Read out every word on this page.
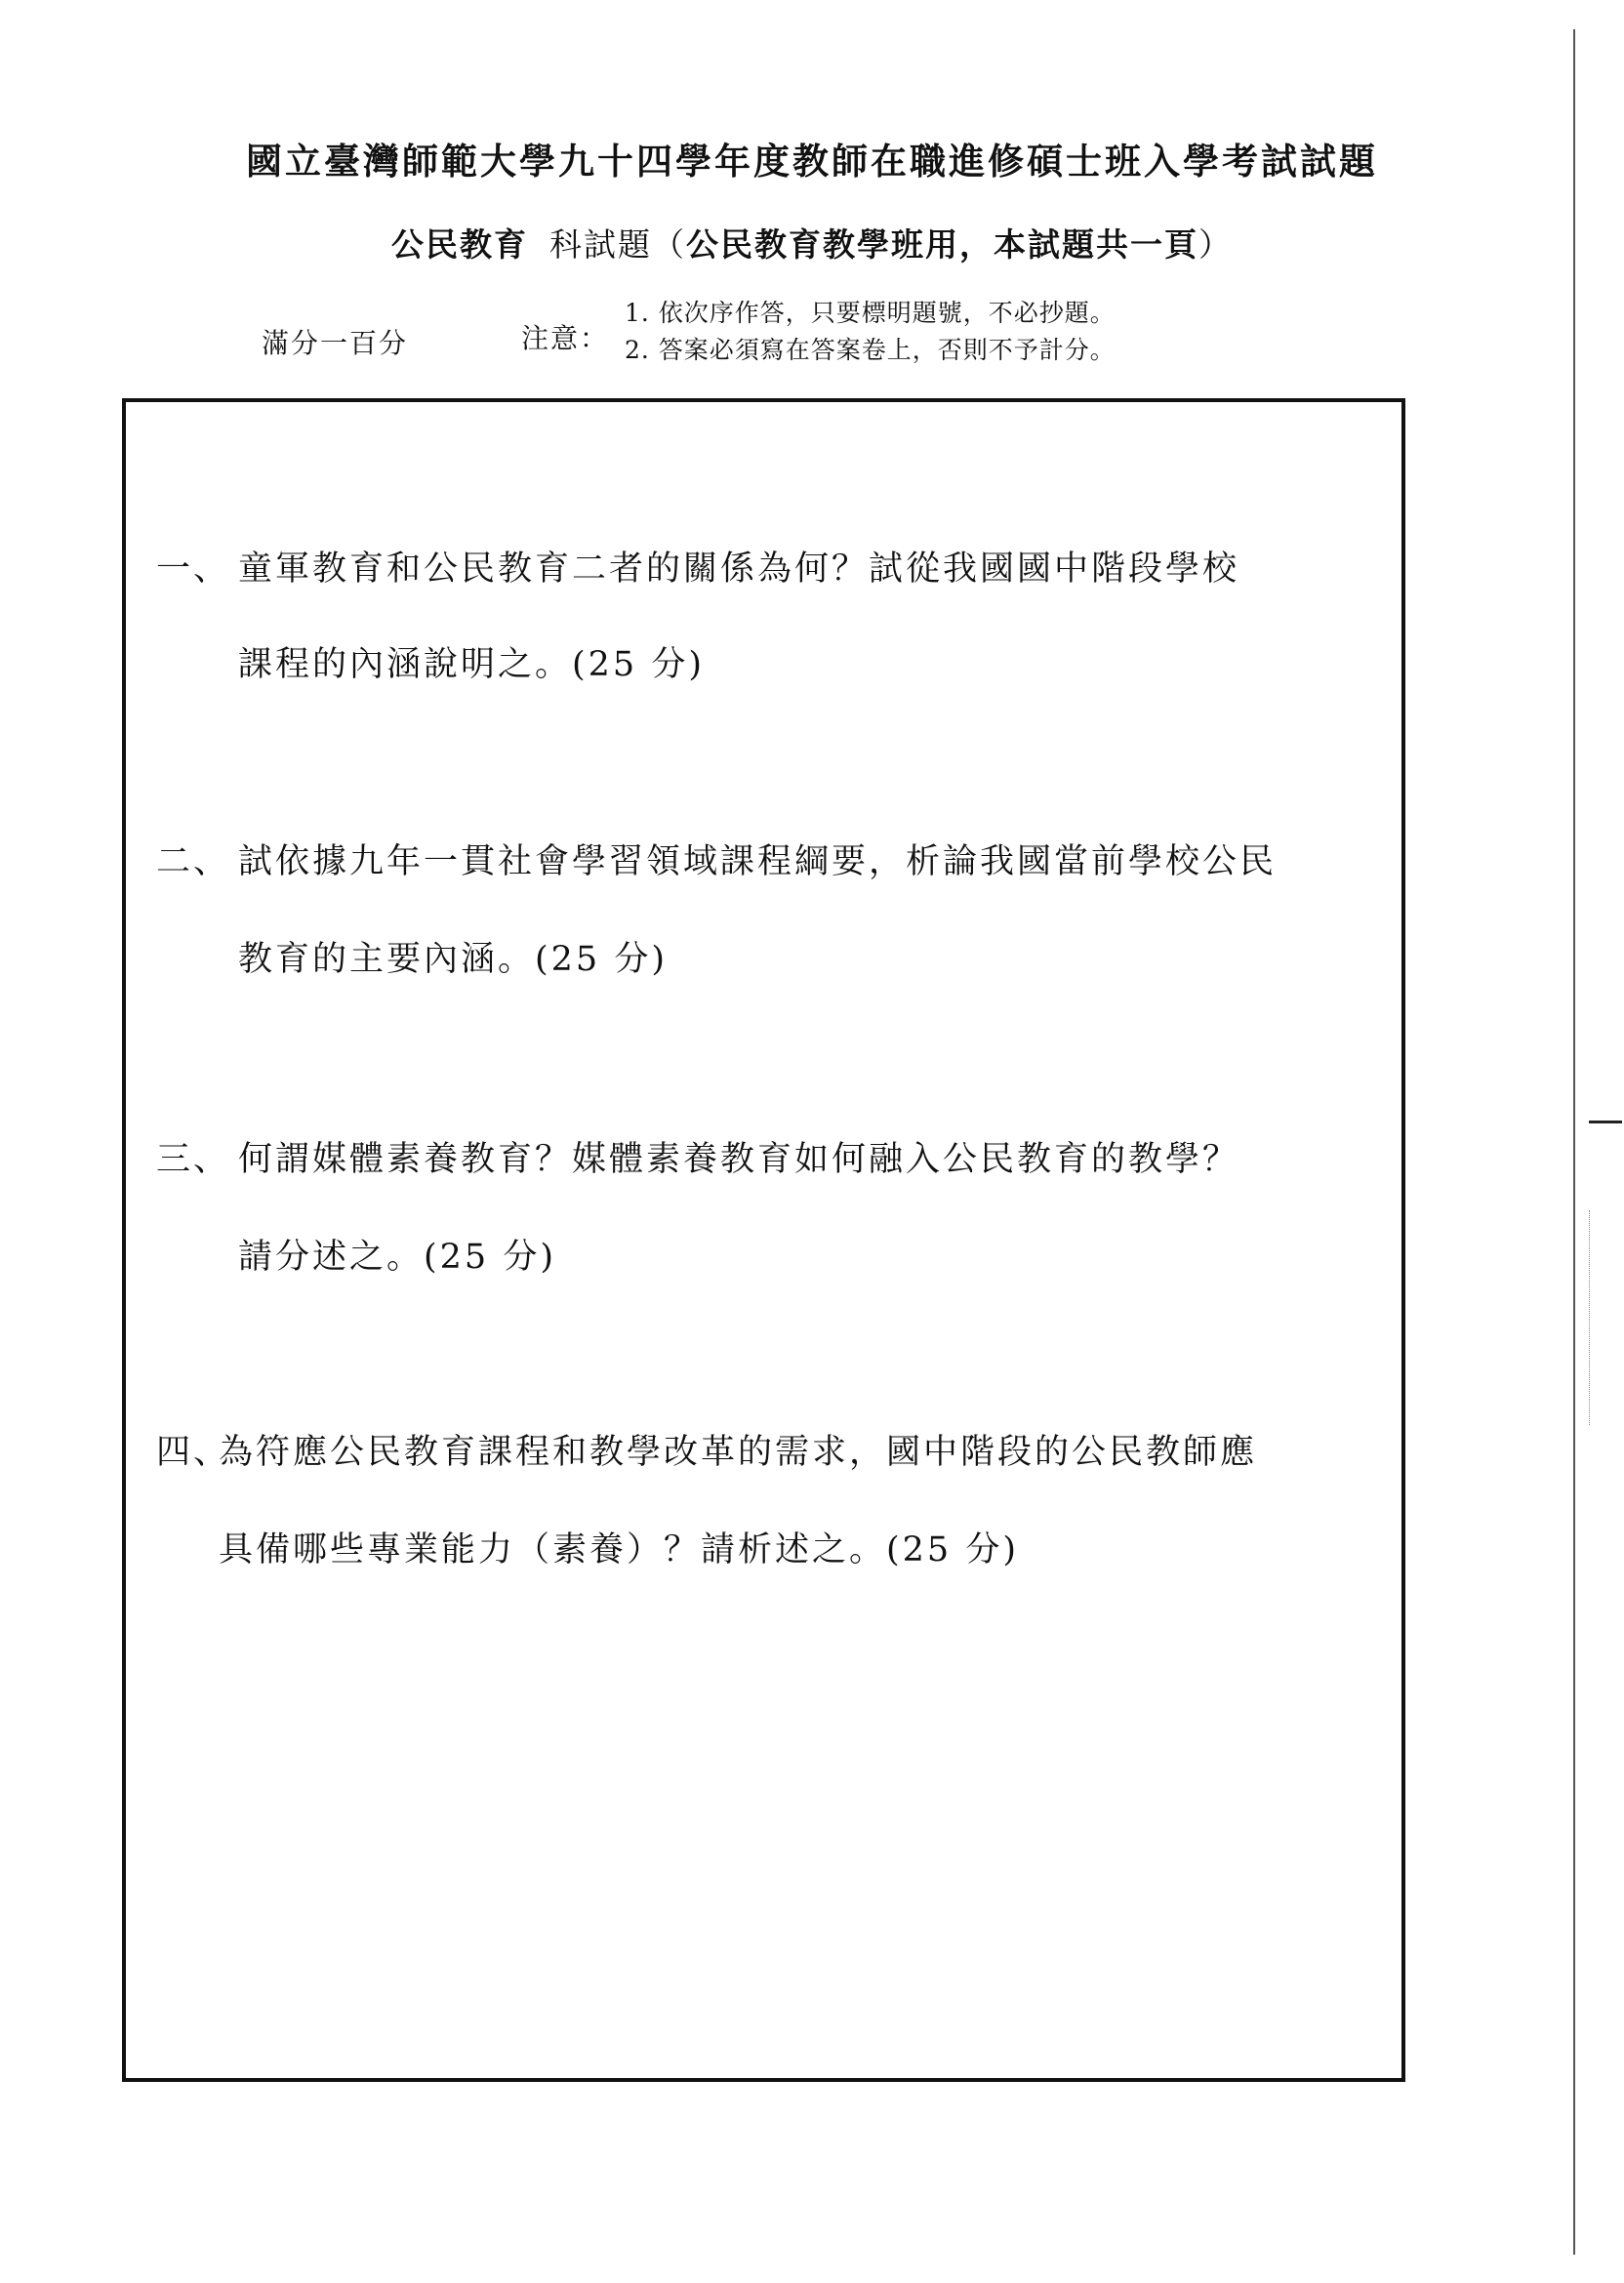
國立臺灣師範大學九十四學年度教師在職進修碩士班入學考試試題
公民教育 科試題（公民教育教學班用，本試題共一頁）
滿分一百分	注意：
1. 依次序作答，只要標明題號，不必抄題。
2. 答案必須寫在答案卷上，否則不予計分。
一、 童軍教育和公民教育二者的關係為何？試從我國國中階段學校
課程的內涵說明之。(25 分)
二、 試依據九年一貫社會學習領域課程綱要，析論我國當前學校公民
教育的主要內涵。(25 分)
三、 何謂媒體素養教育？媒體素養教育如何融入公民教育的教學？
請分述之。(25 分)
四、為符應公民教育課程和教學改革的需求，國中階段的公民教師應
具備哪些專業能力（素養）？請析述之。(25 分)
